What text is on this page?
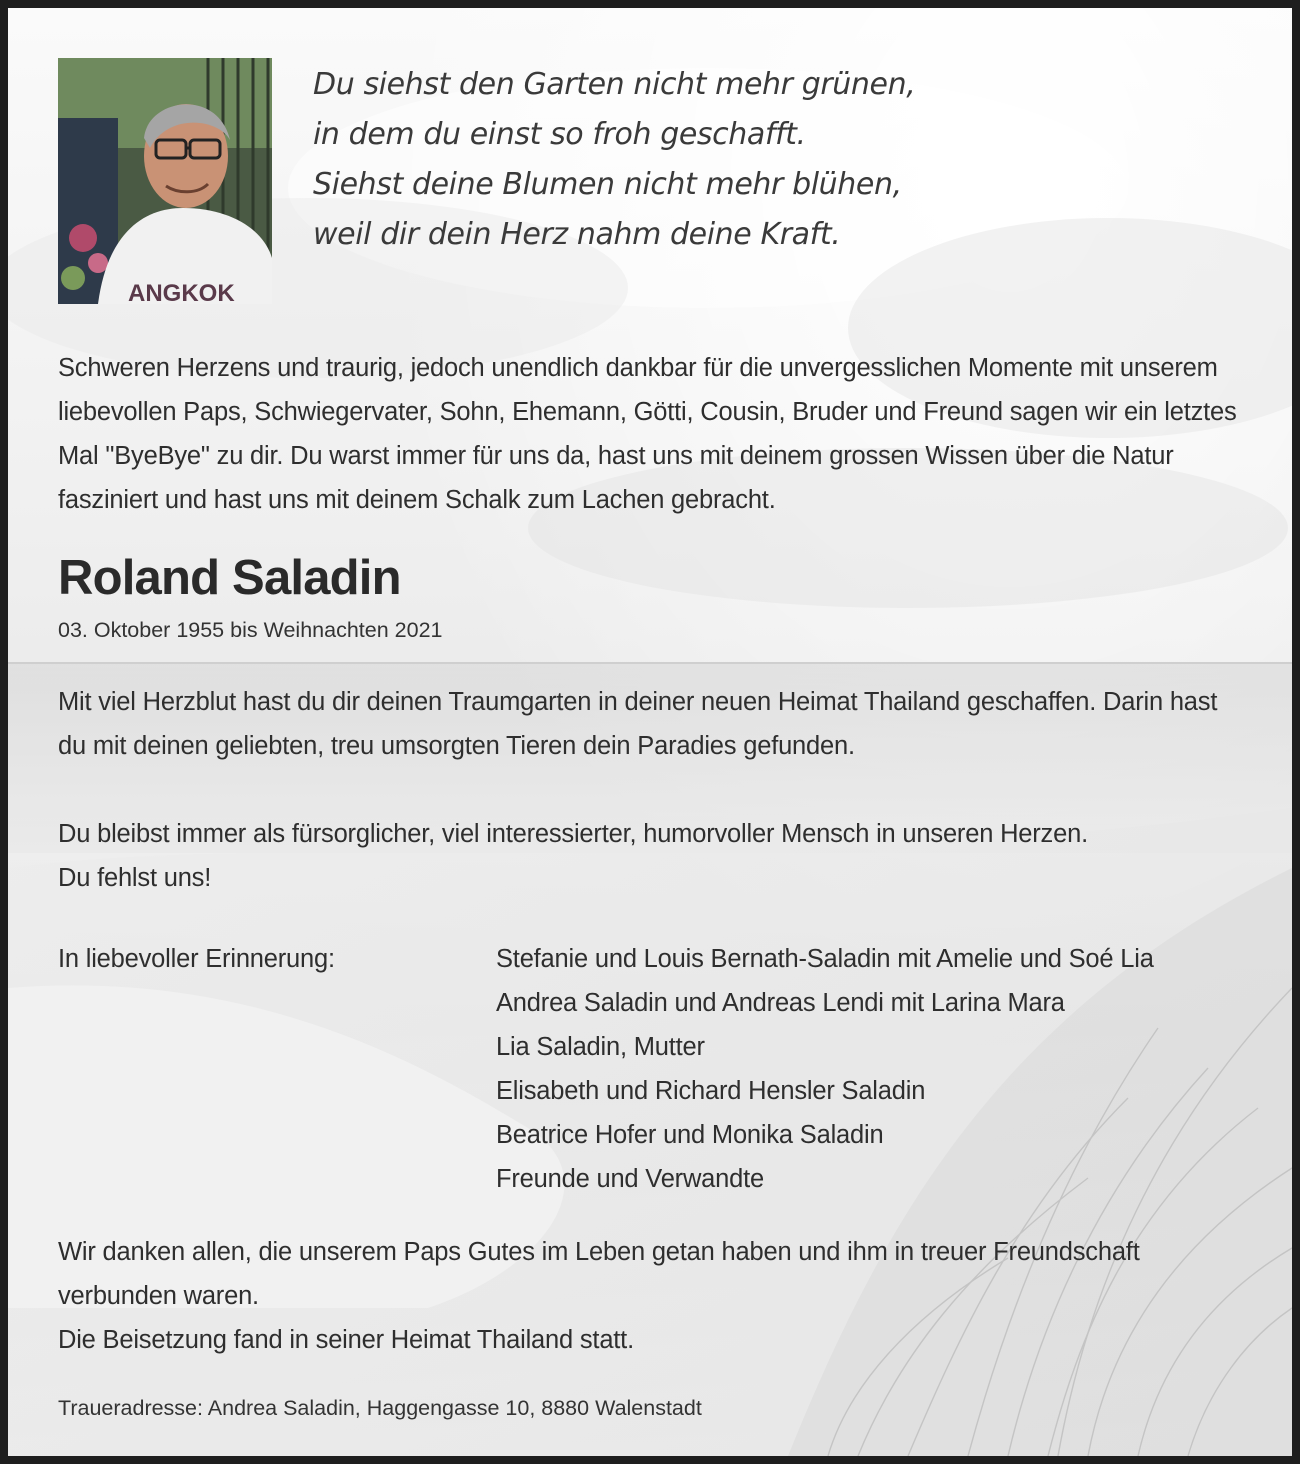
ANGKOK
Du siehst den Garten nicht mehr grünen,
in dem du einst so froh geschafft.
Siehst deine Blumen nicht mehr blühen,
weil dir dein Herz nahm deine Kraft.
Schweren Herzens und traurig, jedoch unendlich dankbar für die unvergesslichen Momente mit unserem liebevollen Paps, Schwiegervater, Sohn, Ehemann, Götti, Cousin, Bruder und Freund sagen wir ein letztes Mal "ByeBye" zu dir. Du warst immer für uns da, hast uns mit deinem grossen Wissen über die Natur fasziniert und hast uns mit deinem Schalk zum Lachen gebracht.
Roland Saladin
03. Oktober 1955 bis Weihnachten 2021
Mit viel Herzblut hast du dir deinen Traumgarten in deiner neuen Heimat Thailand geschaffen. Darin hast du mit deinen geliebten, treu umsorgten Tieren dein Paradies gefunden.
Du bleibst immer als fürsorglicher, viel interessierter, humorvoller Mensch in unseren Herzen.
Du fehlst uns!
In liebevoller Erinnerung:	Stefanie und Louis Bernath-Saladin mit Amelie und Soé Lia
Andrea Saladin und Andreas Lendi mit Larina Mara
Lia Saladin, Mutter
Elisabeth und Richard Hensler Saladin
Beatrice Hofer und Monika Saladin
Freunde und Verwandte
Wir danken allen, die unserem Paps Gutes im Leben getan haben und ihm in treuer Freundschaft verbunden waren.
Die Beisetzung fand in seiner Heimat Thailand statt.
Traueradresse: Andrea Saladin, Haggengasse 10, 8880 Walenstadt
